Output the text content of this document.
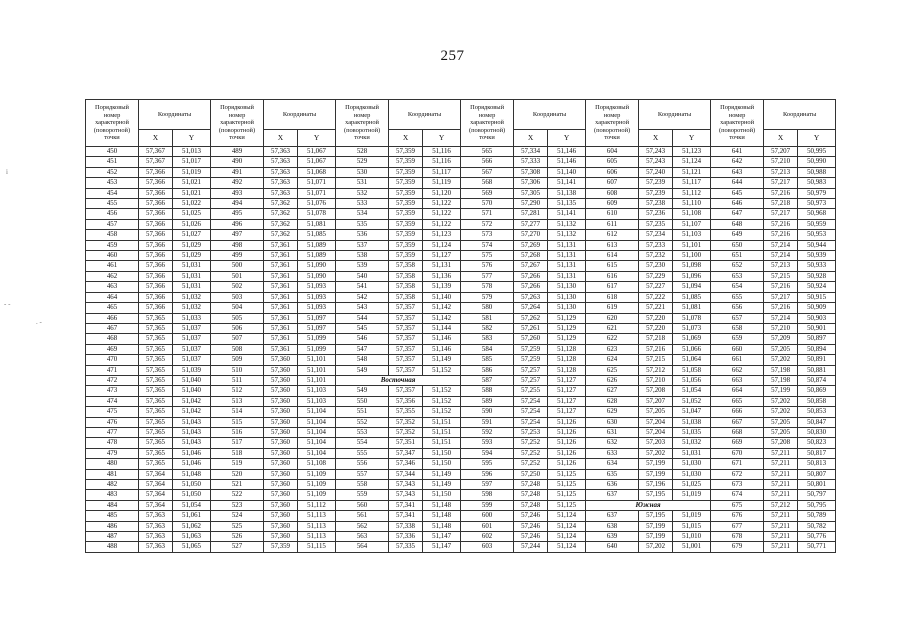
257
i
- -
. -
Порядковый номер характерной (поворотной) точки	Координаты		Порядковый номер характерной (поворотной) точки	Координаты		Порядковый номер характерной (поворотной) точки	Координаты		Порядковый номер характерной (поворотной) точки	Координаты		Порядковый номер характерной (поворотной) точки	Координаты		Порядковый номер характерной (поворотной) точки	Координаты	
	X	Y		X	Y		X	Y		X	Y		X	Y		X	Y
450	57,367	51,013	489	57,363	51,067	528	57,359	51,116	565	57,334	51,146	604	57,243	51,123	641	57,207	50,995
451	57,367	51,017	490	57,363	51,067	529	57,359	51,116	566	57,333	51,146	605	57,243	51,124	642	57,210	50,990
452	57,366	51,019	491	57,363	51,068	530	57,359	51,117	567	57,308	51,140	606	57,240	51,121	643	57,213	50,988
453	57,366	51,021	492	57,363	51,071	531	57,359	51,119	568	57,306	51,141	607	57,239	51,117	644	57,217	50,983
454	57,366	51,021	493	57,363	51,071	532	57,359	51,120	569	57,305	51,138	608	57,239	51,112	645	57,216	50,979
455	57,366	51,022	494	57,362	51,076	533	57,359	51,122	570	57,290	51,135	609	57,238	51,110	646	57,218	50,973
456	57,366	51,025	495	57,362	51,078	534	57,359	51,122	571	57,281	51,141	610	57,236	51,108	647	57,217	50,968
457	57,366	51,026	496	57,362	51,081	535	57,359	51,122	572	57,277	51,132	611	57,235	51,107	648	57,216	50,959
458	57,366	51,027	497	57,362	51,085	536	57,359	51,123	573	57,270	51,132	612	57,234	51,103	649	57,216	50,953
459	57,366	51,029	498	57,361	51,089	537	57,359	51,124	574	57,269	51,131	613	57,233	51,101	650	57,214	50,944
460	57,366	51,029	499	57,361	51,089	538	57,359	51,127	575	57,268	51,131	614	57,232	51,100	651	57,214	50,939
461	57,366	51,031	500	57,361	51,090	539	57,358	51,131	576	57,267	51,131	615	57,230	51,098	652	57,213	50,933
462	57,366	51,031	501	57,361	51,090	540	57,358	51,136	577	57,266	51,131	616	57,229	51,096	653	57,215	50,928
463	57,366	51,031	502	57,361	51,093	541	57,358	51,139	578	57,266	51,130	617	57,227	51,094	654	57,216	50,924
464	57,366	51,032	503	57,361	51,093	542	57,358	51,140	579	57,263	51,130	618	57,222	51,085	655	57,217	50,915
465	57,366	51,032	504	57,361	51,093	543	57,357	51,142	580	57,264	51,130	619	57,221	51,081	656	57,216	50,909
466	57,365	51,033	505	57,361	51,097	544	57,357	51,142	581	57,262	51,129	620	57,220	51,078	657	57,214	50,903
467	57,365	51,037	506	57,361	51,097	545	57,357	51,144	582	57,261	51,129	621	57,220	51,073	658	57,210	50,901
468	57,365	51,037	507	57,361	51,099	546	57,357	51,146	583	57,260	51,129	622	57,218	51,069	659	57,209	50,897
469	57,365	51,037	508	57,361	51,099	547	57,357	51,146	584	57,259	51,128	623	57,216	51,066	660	57,205	50,894
470	57,365	51,037	509	57,360	51,101	548	57,357	51,149	585	57,259	51,128	624	57,215	51,064	661	57,202	50,891
471	57,365	51,039	510	57,360	51,101	549	57,357	51,152	586	57,257	51,128	625	57,212	51,058	662	57,198	50,881
472	57,365	51,040	511	57,360	51,101	Восточная			587	57,257	51,127	626	57,210	51,056	663	57,198	50,874
473	57,365	51,040	512	57,360	51,103	549	57,357	51,152	588	57,255	51,127	627	57,208	51,054	664	57,199	50,869
474	57,365	51,042	513	57,360	51,103	550	57,356	51,152	589	57,254	51,127	628	57,207	51,052	665	57,202	50,858
475	57,365	51,042	514	57,360	51,104	551	57,355	51,152	590	57,254	51,127	629	57,205	51,047	666	57,202	50,853
476	57,365	51,043	515	57,360	51,104	552	57,352	51,151	591	57,254	51,126	630	57,204	51,038	667	57,205	50,847
477	57,365	51,043	516	57,360	51,104	553	57,352	51,151	592	57,253	51,126	631	57,204	51,035	668	57,205	50,830
478	57,365	51,043	517	57,360	51,104	554	57,351	51,151	593	57,252	51,126	632	57,203	51,032	669	57,208	50,823
479	57,365	51,046	518	57,360	51,104	555	57,347	51,150	594	57,252	51,126	633	57,202	51,031	670	57,211	50,817
480	57,365	51,046	519	57,360	51,108	556	57,346	51,150	595	57,252	51,126	634	57,199	51,030	671	57,211	50,813
481	57,364	51,048	520	57,360	51,109	557	57,344	51,149	596	57,250	51,125	635	57,199	51,030	672	57,211	50,807
482	57,364	51,050	521	57,360	51,109	558	57,343	51,149	597	57,248	51,125	636	57,196	51,025	673	57,211	50,801
483	57,364	51,050	522	57,360	51,109	559	57,343	51,150	598	57,248	51,125	637	57,195	51,019	674	57,211	50,797
484	57,364	51,054	523	57,360	51,112	560	57,341	51,148	599	57,248	51,125	Южная			675	57,212	50,795
485	57,363	51,061	524	57,360	51,113	561	57,341	51,148	600	57,246	51,124	637	57,195	51,019	676	57,211	50,789
486	57,363	51,062	525	57,360	51,113	562	57,338	51,148	601	57,246	51,124	638	57,199	51,015	677	57,211	50,782
487	57,363	51,063	526	57,360	51,113	563	57,336	51,147	602	57,246	51,124	639	57,199	51,010	678	57,211	50,776
488	57,363	51,065	527	57,359	51,115	564	57,335	51,147	603	57,244	51,124	640	57,202	51,001	679	57,211	50,771
